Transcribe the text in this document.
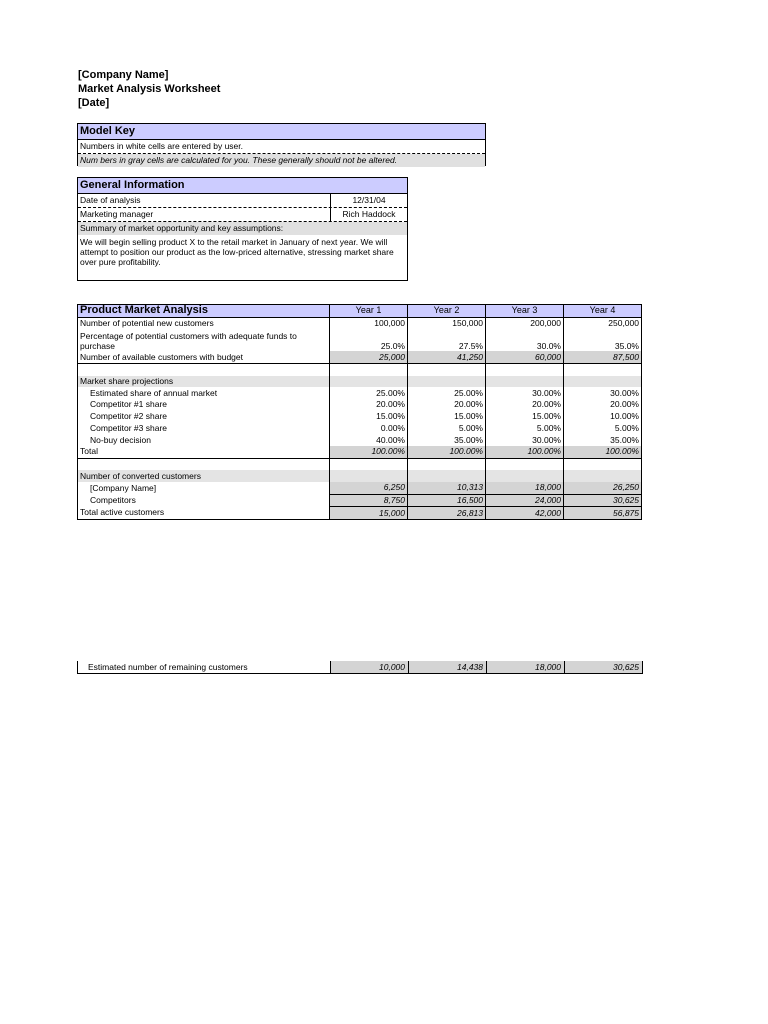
[Company Name]
Market Analysis Worksheet
[Date]
Model Key
Numbers in white cells are entered by user.
Num bers in gray cells are calculated for you. These generally should not be altered.
General Information
Date of analysis	12/31/04
Marketing manager	Rich Haddock
Summary of market opportunity and key assumptions:
We will begin selling product X to the retail market in January of next year. We will attempt to position our product as the low-priced alternative, stressing market share over pure profitability.
Product Market Analysis	Year 1	Year 2	Year 3	Year 4
Number of potential new customers	100,000	150,000	200,000	250,000
Percentage of potential customers with adequate funds to purchase	25.0%	27.5%	30.0%	35.0%
Number of available customers with budget	25,000	41,250	60,000	87,500

Market share projections				
Estimated share of annual market	25.00%	25.00%	30.00%	30.00%
Competitor #1 share	20.00%	20.00%	20.00%	20.00%
Competitor #2 share	15.00%	15.00%	15.00%	10.00%
Competitor #3 share	0.00%	5.00%	5.00%	5.00%
No-buy decision	40.00%	35.00%	30.00%	35.00%
Total	100.00%	100.00%	100.00%	100.00%

Number of converted customers				
[Company Name]	6,250	10,313	18,000	26,250
Competitors	8,750	16,500	24,000	30,625
Total active customers	15,000	26,813	42,000	56,875
Estimated number of remaining customers	10,000	14,438	18,000	30,625
